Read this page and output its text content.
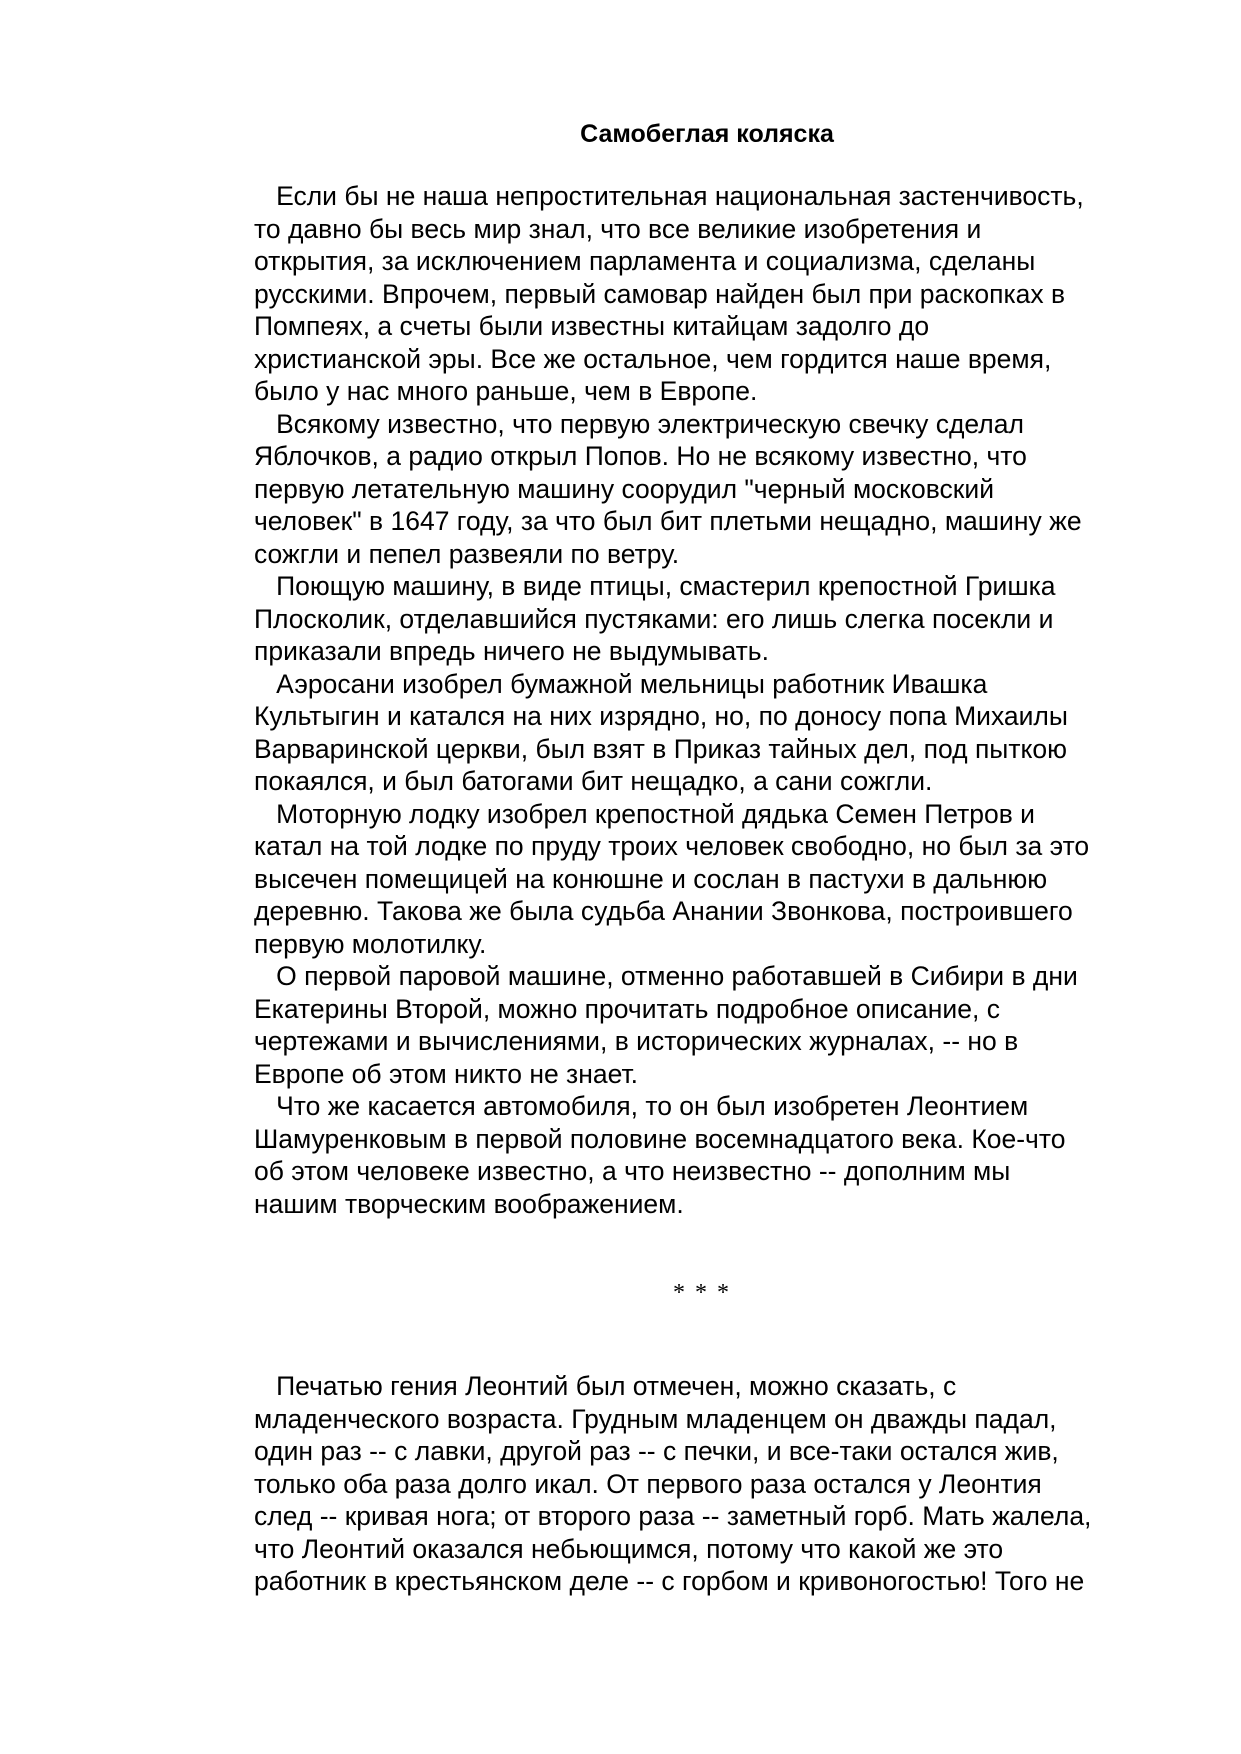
Самобеглая коляска
Если бы не наша непростительная национальная застенчивость,
то давно бы весь мир знал, что все великие изобретения и
открытия, за исключением парламента и социализма, сделаны
русскими. Впрочем, первый самовар найден был при раскопках в
Помпеях, а счеты были известны китайцам задолго до
христианской эры. Все же остальное, чем гордится наше время,
было у нас много раньше, чем в Европе.
Всякому известно, что первую электрическую свечку сделал
Яблочков, а радио открыл Попов. Но не всякому известно, что
первую летательную машину соорудил "черный московский
человек" в 1647 году, за что был бит плетьми нещадно, машину же
сожгли и пепел развеяли по ветру.
Поющую машину, в виде птицы, смастерил крепостной Гришка
Плосколик, отделавшийся пустяками: его лишь слегка посекли и
приказали впредь ничего не выдумывать.
Аэросани изобрел бумажной мельницы работник Ивашка
Культыгин и катался на них изрядно, но, по доносу попа Михаилы
Варваринской церкви, был взят в Приказ тайных дел, под пыткою
покаялся, и был батогами бит нещадко, а сани сожгли.
Моторную лодку изобрел крепостной дядька Семен Петров и
катал на той лодке по пруду троих человек свободно, но был за это
высечен помещицей на конюшне и сослан в пастухи в дальнюю
деревню. Такова же была судьба Анании Звонкова, построившего
первую молотилку.
О первой паровой машине, отменно работавшей в Сибири в дни
Екатерины Второй, можно прочитать подробное описание, с
чертежами и вычислениями, в исторических журналах, -- но в
Европе об этом никто не знает.
Что же касается автомобиля, то он был изобретен Леонтием
Шамуренковым в первой половине восемнадцатого века. Кое-что
об этом человеке известно, а что неизвестно -- дополним мы
нашим творческим воображением.
* * *
Печатью гения Леонтий был отмечен, можно сказать, с
младенческого возраста. Грудным младенцем он дважды падал,
один раз -- с лавки, другой раз -- с печки, и все-таки остался жив,
только оба раза долго икал. От первого раза остался у Леонтия
след -- кривая нога; от второго раза -- заметный горб. Мать жалела,
что Леонтий оказался небьющимся, потому что какой же это
работник в крестьянском деле -- с горбом и кривоногостью! Того не
